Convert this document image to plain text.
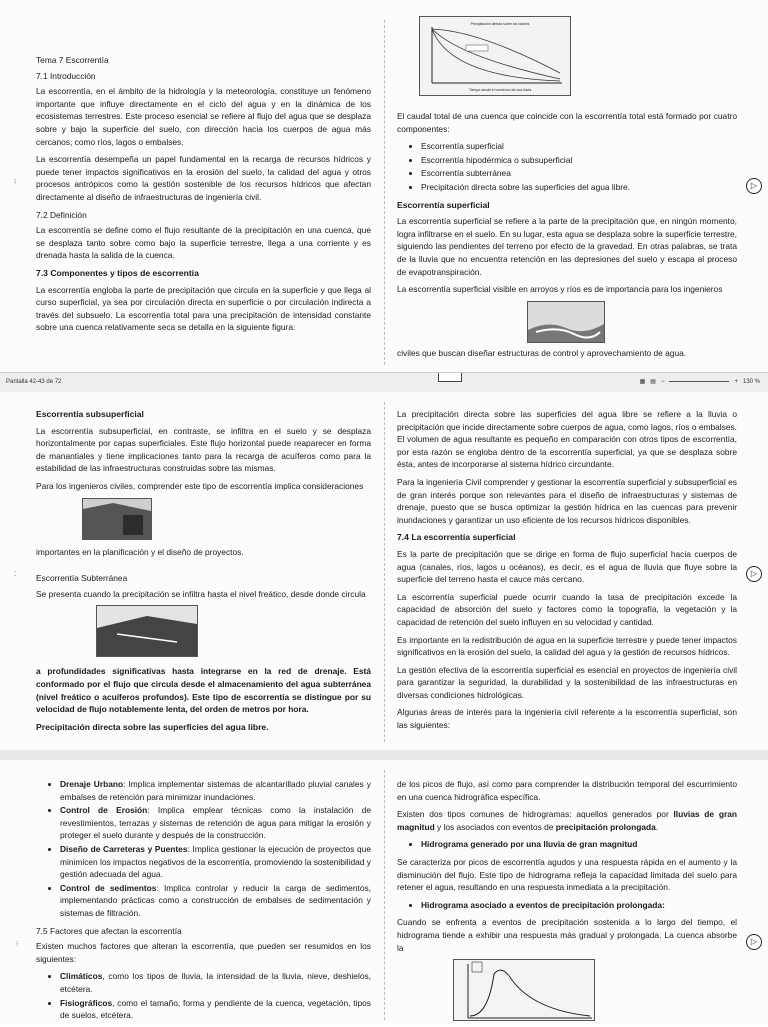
Tema 7 Escorrentía
7.1 Introducción

La escorrentía, en el ámbito de la hidrología y la meteorología, constituye un fenómeno importante que influye directamente en el ciclo del agua y en la dinámica de los ecosistemas terrestres. Este proceso esencial se refiere al flujo del agua que se desplaza sobre y bajo la superficie del suelo, con dirección hacia los cuerpos de agua más cercanos, como ríos, lagos o embalses.

La escorrentía desempeña un papel fundamental en la recarga de recursos hídricos y puede tener impactos significativos en la erosión del suelo, la calidad del agua y otros procesos antrópicos como la gestión sostenible de los recursos hídricos que afectan directamente al diseño de infraestructuras de ingeniería civil.

7.2 Definición

La escorrentía se define como el flujo resultante de la precipitación en una cuenca, que se desplaza tanto sobre como bajo la superficie terrestre, llega a una corriente y es drenada hasta la salida de la cuenca.

7.3 Componentes y tipos de escorrentía

La escorrentía engloba la parte de precipitación que circula en la superficie y que llega al curso superficial, ya sea por circulación directa en superficie o por circulación indirecta a través del subsuelo. La escorrentía total para una precipitación de intensidad constante sobre una cuenca relativamente seca se detalla en la siguiente figura:

Precipitación directa sobre los cauces
Tiempo desde el comienzo de una lluvia

El caudal total de una cuenca que coincide con la escorrentía total está formado por cuatro componentes:

• Escorrentía superficial
• Escorrentía hipodérmica o subsuperficial
• Escorrentía subterránea
• Precipitación directa sobre las superficies del agua libre.
Escorrentía superficial

La escorrentía superficial se refiere a la parte de la precipitación que, en ningún momento, logra infiltrarse en el suelo. En su lugar, esta agua se desplaza sobre la superficie terrestre, siguiendo las pendientes del terreno por efecto de la gravedad. En otras palabras, se trata de la lluvia que no encuentra retención en las depresiones del suelo y escapa al proceso de evapotranspiración.

La escorrentía superficial visible en arroyos y ríos es de importancia para los ingenieros

civiles que buscan diseñar estructuras de control y aprovechamiento de agua.

▷
⁝
Pantalla 42-43 de 72	▦ ▤ −	+ 130 %
Escorrentía subsuperficial

La escorrentía subsuperficial, en contraste, se infiltra en el suelo y se desplaza horizontalmente por capas superficiales. Este flujo horizontal puede reaparecer en forma de manantiales y tiene implicaciones tanto para la recarga de acuíferos como para la estabilidad de las infraestructuras construidas sobre las mismas.

Para los ingenieros civiles, comprender este tipo de escorrentía implica consideraciones

importantes en la planificación y el diseño de proyectos.

Escorrentía Subterránea

Se presenta cuando la precipitación se infiltra hasta el nivel freático, desde donde circula

a profundidades significativas hasta integrarse en la red de drenaje. Está conformado por el flujo que circula desde el almacenamiento del agua subterránea (nivel freático o acuíferos profundos). Este tipo de escorrentía se distingue por su velocidad de flujo notablemente lenta, del orden de metros por hora.

Precipitación directa sobre las superficies del agua libre.

La precipitación directa sobre las superficies del agua libre se refiere a la lluvia o precipitación que incide directamente sobre cuerpos de agua, como lagos, ríos o embalses. El volumen de agua resultante es pequeño en comparación con otros tipos de escorrentía, por esta razón se engloba dentro de la escorrentía superficial, ya que se desplaza sobre ésta, antes de incorporarse al sistema hídrico circundante.

Para la ingeniería Civil comprender y gestionar la escorrentía superficial y subsuperficial es de gran interés porque son relevantes para el diseño de infraestructuras y sistemas de drenaje, puesto que se busca optimizar la gestión hídrica en las cuencas para prevenir inundaciones y garantizar un uso eficiente de los recursos hídricos disponibles.

7.4 La escorrentía superficial

Es la parte de precipitación que se dirige en forma de flujo superficial hacia cuerpos de agua (canales, ríos, lagos u océanos), es decir, es el agua de lluvia que fluye sobre la superficie del terreno hasta el cauce más cercano.

La escorrentía superficial puede ocurrir cuando la tasa de precipitación excede la capacidad de absorción del suelo y factores como la topografía, la vegetación y la capacidad de retención del suelo influyen en su velocidad y cantidad.

Es importante en la redistribución de agua en la superficie terrestre y puede tener impactos significativos en la erosión del suelo, la calidad del agua y la gestión de recursos hídricos.

La gestión efectiva de la escorrentía superficial es esencial en proyectos de ingeniería civil para garantizar la seguridad, la durabilidad y la sostenibilidad de las infraestructuras en diversas condiciones hidrológicas.

Algunas áreas de interés para la ingeniería civil referente a la escorrentía superficial, son las siguientes:

▷
⁚
• Drenaje Urbano: Implica implementar sistemas de alcantarillado pluvial canales y embalses de retención para minimizar inundaciones.
• Control de Erosión: Implica emplear técnicas como la instalación de revestimientos, terrazas y sistemas de retención de agua para mitigar la erosión y proteger el suelo durante y después de la construcción.
• Diseño de Carreteras y Puentes: Implica gestionar la ejecución de proyectos que minimicen los impactos negativos de la escorrentía, promoviendo la sostenibilidad y gestión adecuada del agua.
• Control de sedimentos: Implica controlar y reducir la carga de sedimentos, implementando prácticas como a construcción de embalses de sedimentación y sistemas de filtración.
7.5 Factores que afectan la escorrentía

Existen muchos factores que alteran la escorrentía, que pueden ser resumidos en los siguientes:

• Climáticos, como los tipos de lluvia, la intensidad de la lluvia, nieve, deshielos, etcétera.
• Fisiográficos, como el tamaño, forma y pendiente de la cuenca, vegetación, tipos de suelos, etcétera.

de los picos de flujo, así como para comprender la distribución temporal del escurrimiento en una cuenca hidrográfica específica.

Existen dos tipos comunes de hidrogramas: aquellos generados por lluvias de gran magnitud y los asociados con eventos de precipitación prolongada.

• Hidrograma generado por una lluvia de gran magnitud

Se caracteriza por picos de escorrentía agudos y una respuesta rápida en el aumento y la disminución del flujo. Este tipo de hidrograma refleja la capacidad limitada del suelo para retener el agua, resultando en una respuesta inmediata a la precipitación.

• Hidrograma asociado a eventos de precipitación prolongada:

Cuando se enfrenta a eventos de precipitación sostenida a lo largo del tiempo, el hidrograma tiende a exhibir una respuesta más gradual y prolongada. La cuenca absorbe la

▷
⁝
